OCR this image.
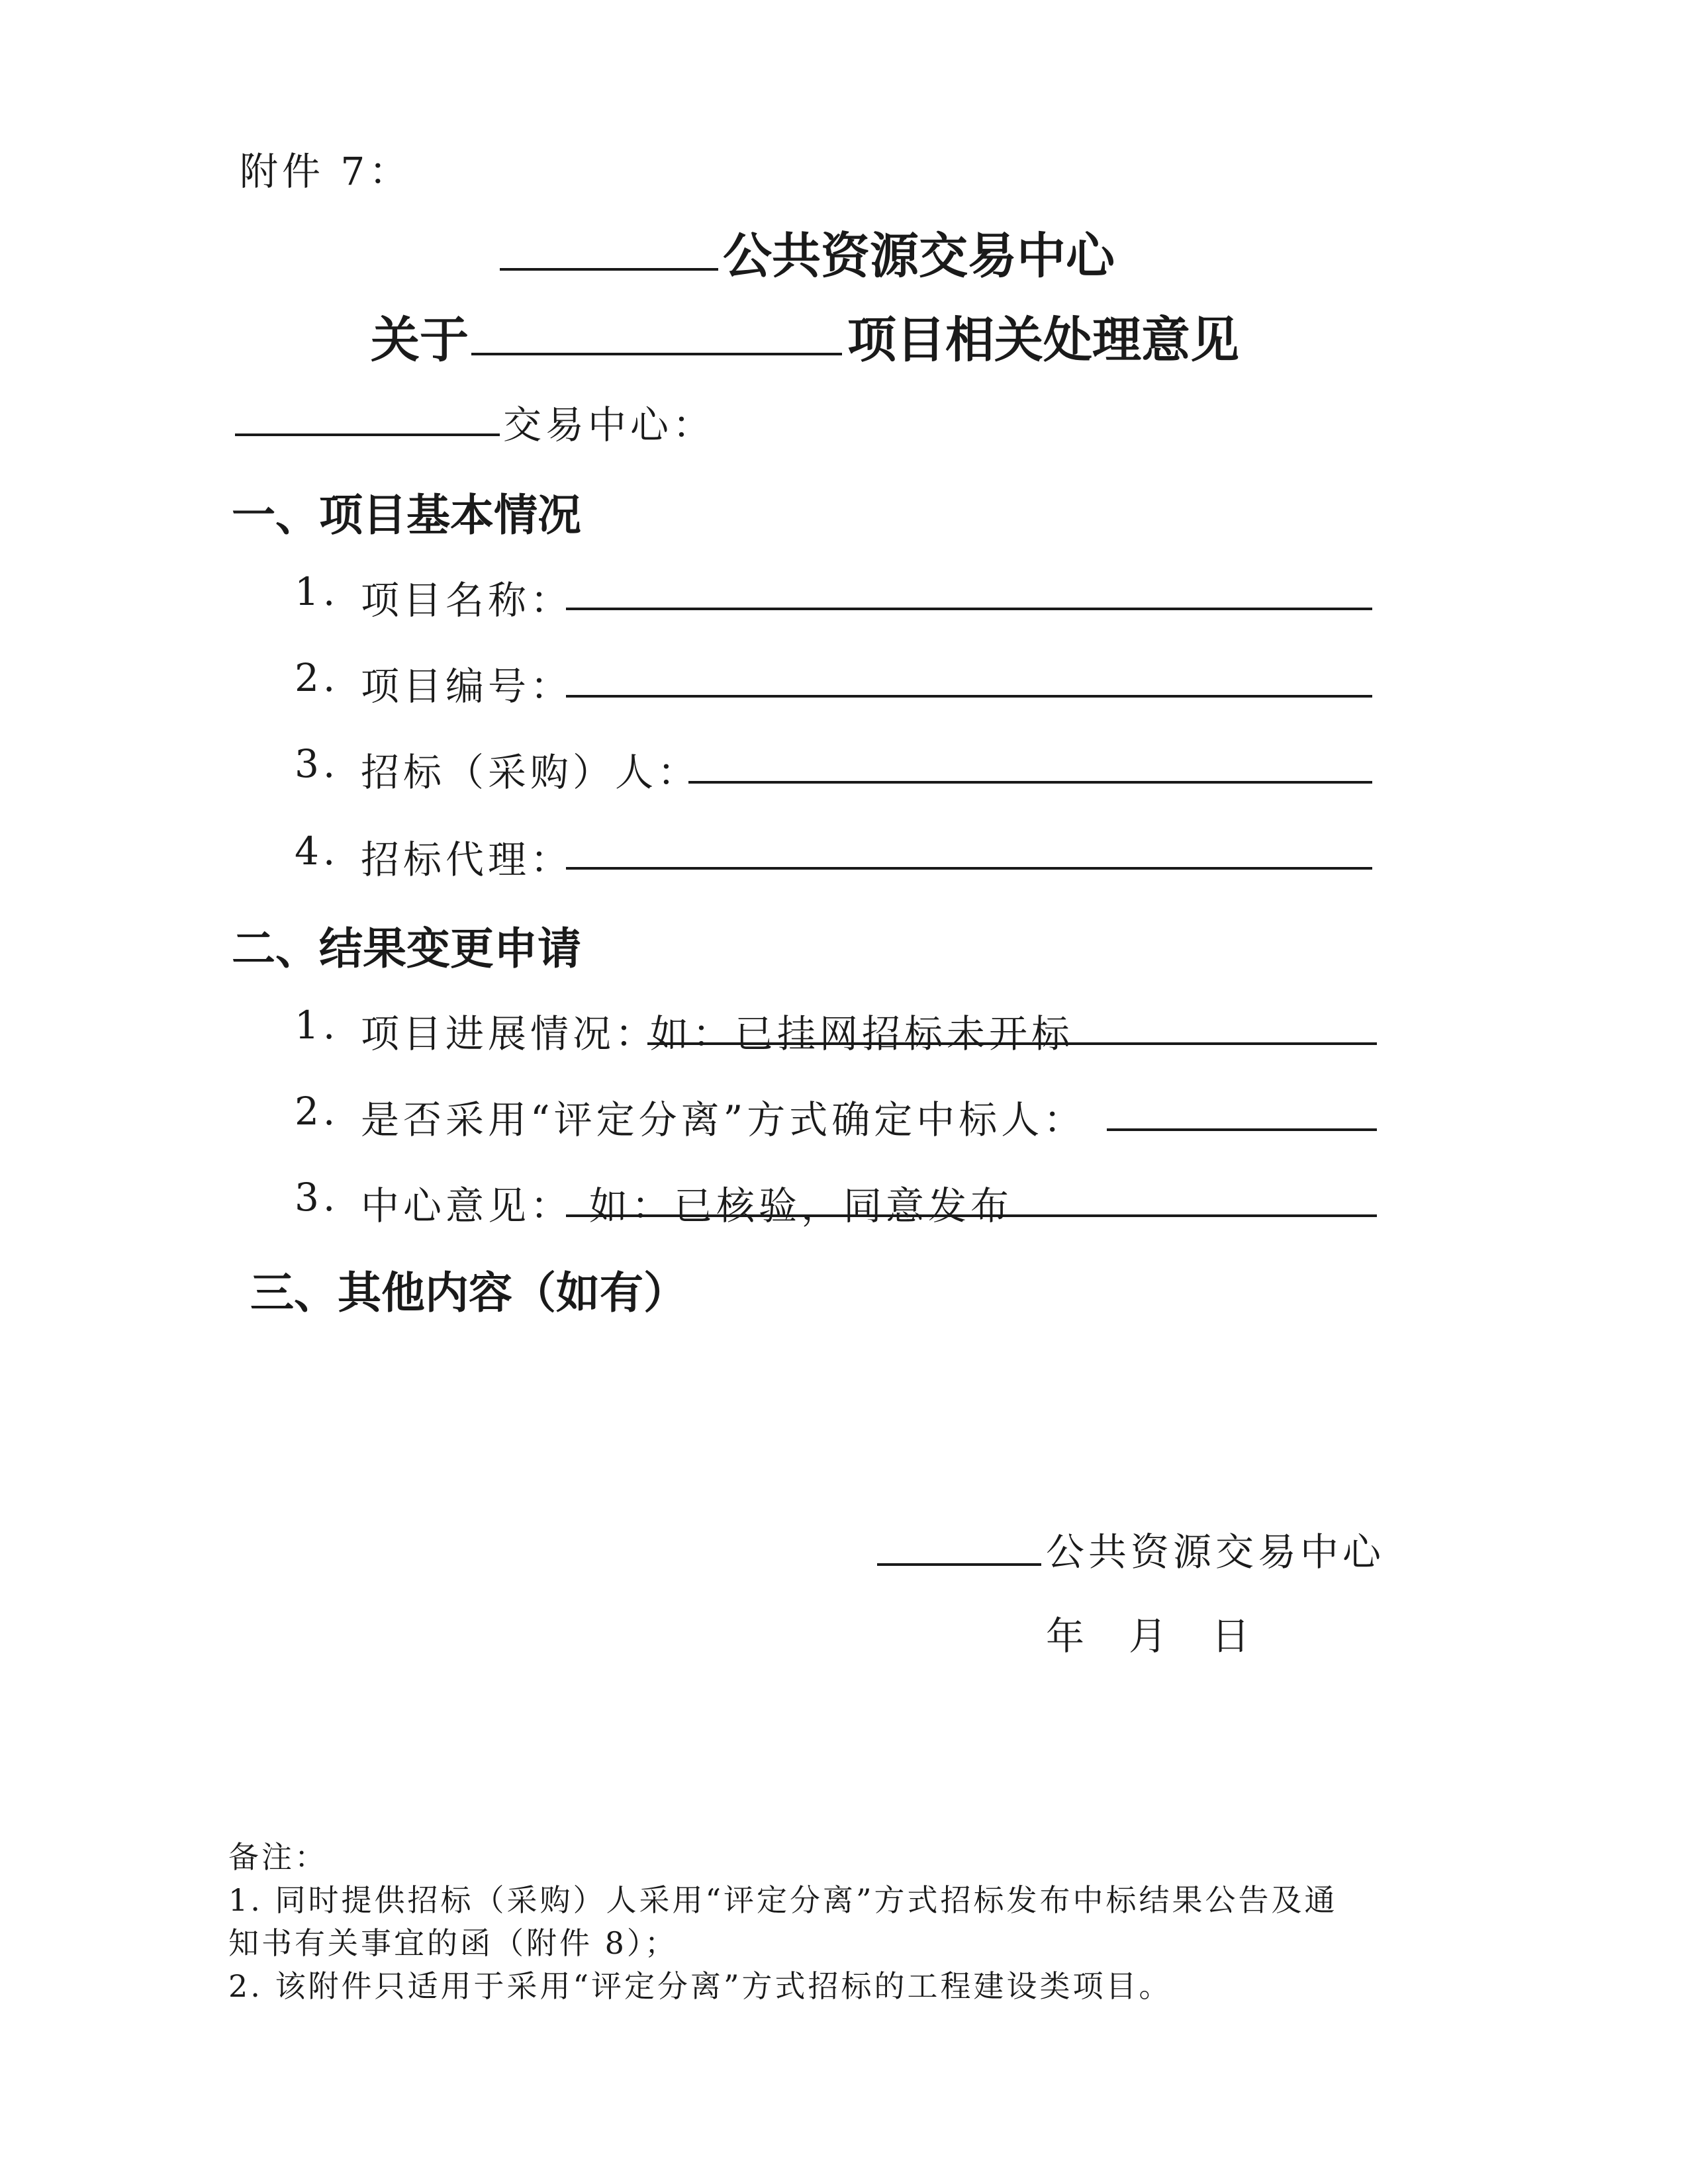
附件 7：
公共资源交易中心
关于	项目相关处理意见
交易中心：
一、项目基本情况
1. 项目名称：
2. 项目编号：
3. 招标（采购）人：
4. 招标代理：
二、结果变更申请
1. 项目进展情况：
如：已挂网招标未开标
2. 是否采用“评定分离”方式确定中标人：
3. 中心意见： 如：已核验，同意发布
三、其他内容（如有）
公共资源交易中心
年 月 日
备注：
1. 同时提供招标（采购）人采用“评定分离”方式招标发布中标结果公告及通
知书有关事宜的函（附件 8）；
2. 该附件只适用于采用“评定分离”方式招标的工程建设类项目。
